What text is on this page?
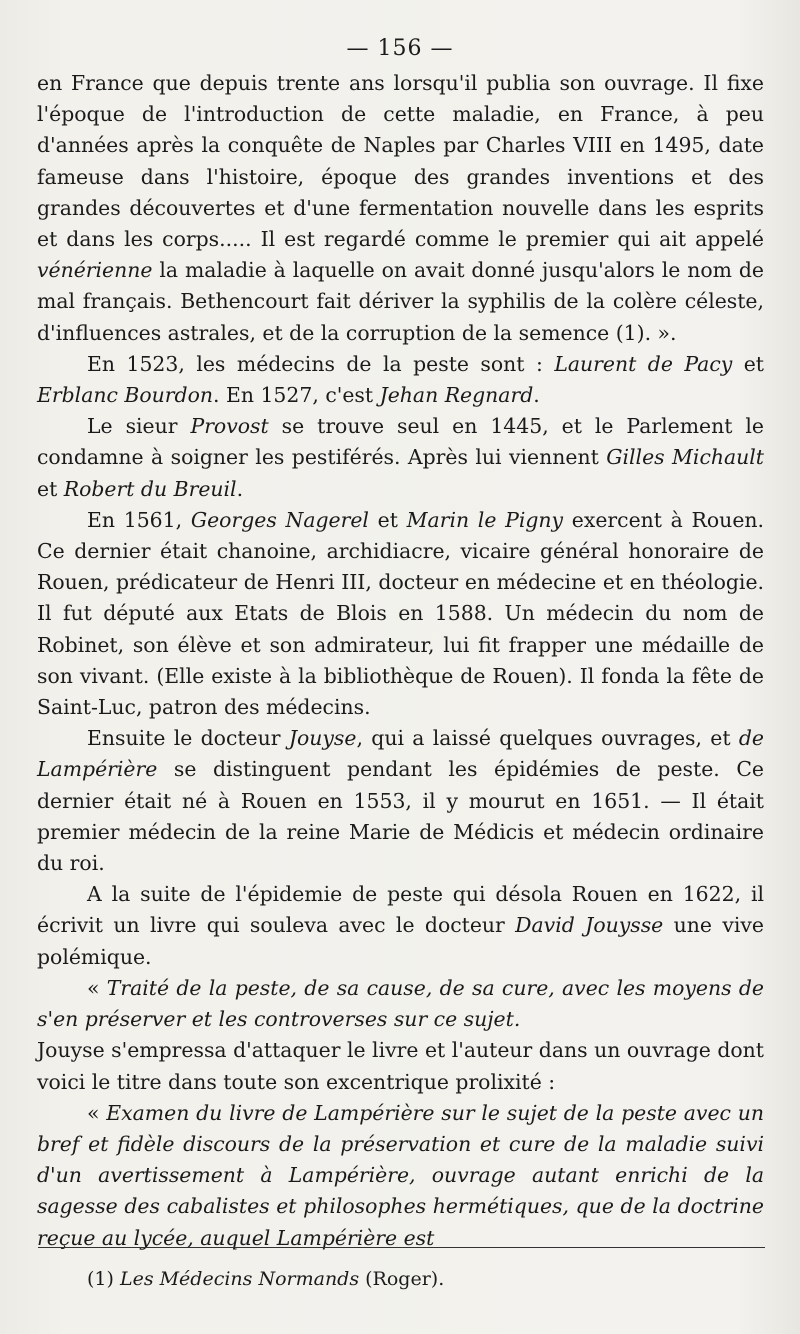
— 156 —

en France que depuis trente ans lorsqu'il publia son ouvrage. Il fixe l'époque de l'introduction de cette maladie, en France, à peu d'années après la conquête de Naples par Charles VIII en 1495, date fameuse dans l'histoire, époque des grandes inventions et des grandes découvertes et d'une fermentation nouvelle dans les esprits et dans les corps..... Il est regardé comme le premier qui ait appelé vénérienne la maladie à laquelle on avait donné jusqu'alors le nom de mal français. Bethencourt fait dériver la syphilis de la colère céleste, d'influences astrales, et de la corruption de la semence (1). ».

En 1523, les médecins de la peste sont : Laurent de Pacy et Erblanc Bourdon. En 1527, c'est Jehan Regnard.

Le sieur Provost se trouve seul en 1445, et le Parlement le condamne à soigner les pestiférés. Après lui viennent Gilles Michault et Robert du Breuil.

En 1561, Georges Nagerel et Marin le Pigny exercent à Rouen. Ce dernier était chanoine, archidiacre, vicaire général honoraire de Rouen, prédicateur de Henri III, docteur en médecine et en théologie. Il fut député aux Etats de Blois en 1588. Un médecin du nom de Robinet, son élève et son admirateur, lui fit frapper une médaille de son vivant. (Elle existe à la bibliothèque de Rouen). Il fonda la fête de Saint-Luc, patron des médecins.

Ensuite le docteur Jouyse, qui a laissé quelques ouvrages, et de Lampérière se distinguent pendant les épidémies de peste. Ce dernier était né à Rouen en 1553, il y mourut en 1651. — Il était premier médecin de la reine Marie de Médicis et médecin ordinaire du roi.

A la suite de l'épidemie de peste qui désola Rouen en 1622, il écrivit un livre qui souleva avec le docteur David Jouysse une vive polémique.

« Traité de la peste, de sa cause, de sa cure, avec les moyens de s'en préserver et les controverses sur ce sujet.

Jouyse s'empressa d'attaquer le livre et l'auteur dans un ouvrage dont voici le titre dans toute son excentrique prolixité :

« Examen du livre de Lampérière sur le sujet de la peste avec un bref et fidèle discours de la préservation et cure de la maladie suivi d'un avertissement à Lampérière, ouvrage autant enrichi de la sagesse des cabalistes et philosophes hermétiques, que de la doctrine reçue au lycée, auquel Lampérière est

(1) Les Médecins Normands (Roger).
